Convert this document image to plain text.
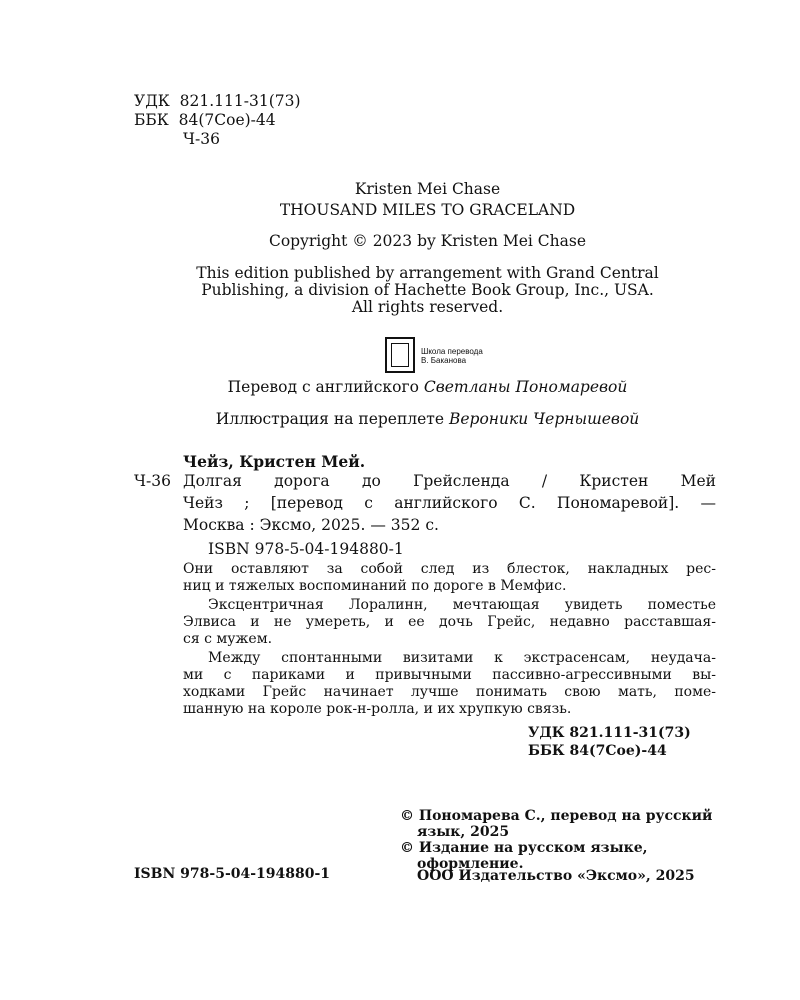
УДК 821.111-31(73)
ББК 84(7Сое)-44
Ч-36
Kristen Mei Chase
THOUSAND MILES TO GRACELAND
Copyright © 2023 by Kristen Mei Chase
This edition published by arrangement with Grand Central
Publishing, a division of Hachette Book Group, Inc., USA.
All rights reserved.
Школа перевода
В. Баканова
Перевод с английского Светланы Пономаревой
Иллюстрация на переплете Вероники Чернышевой
Чейз, Кристен Мей.
Ч-36 Долгая дорога до Грейсленда / Кристен Мей
Чейз ; [перевод с английского С. Пономаревой]. —
Москва : Эксмо, 2025. — 352 с.
ISBN 978-5-04-194880-1
Они оставляют за собой след из блесток, накладных рес-
ниц и тяжелых воспоминаний по дороге в Мемфис.
Эксцентричная Лоралинн, мечтающая увидеть поместье
Элвиса и не умереть, и ее дочь Грейс, недавно расставшая-
ся с мужем.
Между спонтанными визитами к экстрасенсам, неудача-
ми с париками и привычными пассивно-агрессивными вы-
ходками Грейс начинает лучше понимать свою мать, поме-
шанную на короле рок-н-ролла, и их хрупкую связь.
УДК 821.111-31(73)
ББК 84(7Сое)-44
ISBN 978-5-04-194880-1
© Пономарева С., перевод на русский
язык, 2025
© Издание на русском языке,
оформление.
ООО Издательство «Эксмо», 2025
